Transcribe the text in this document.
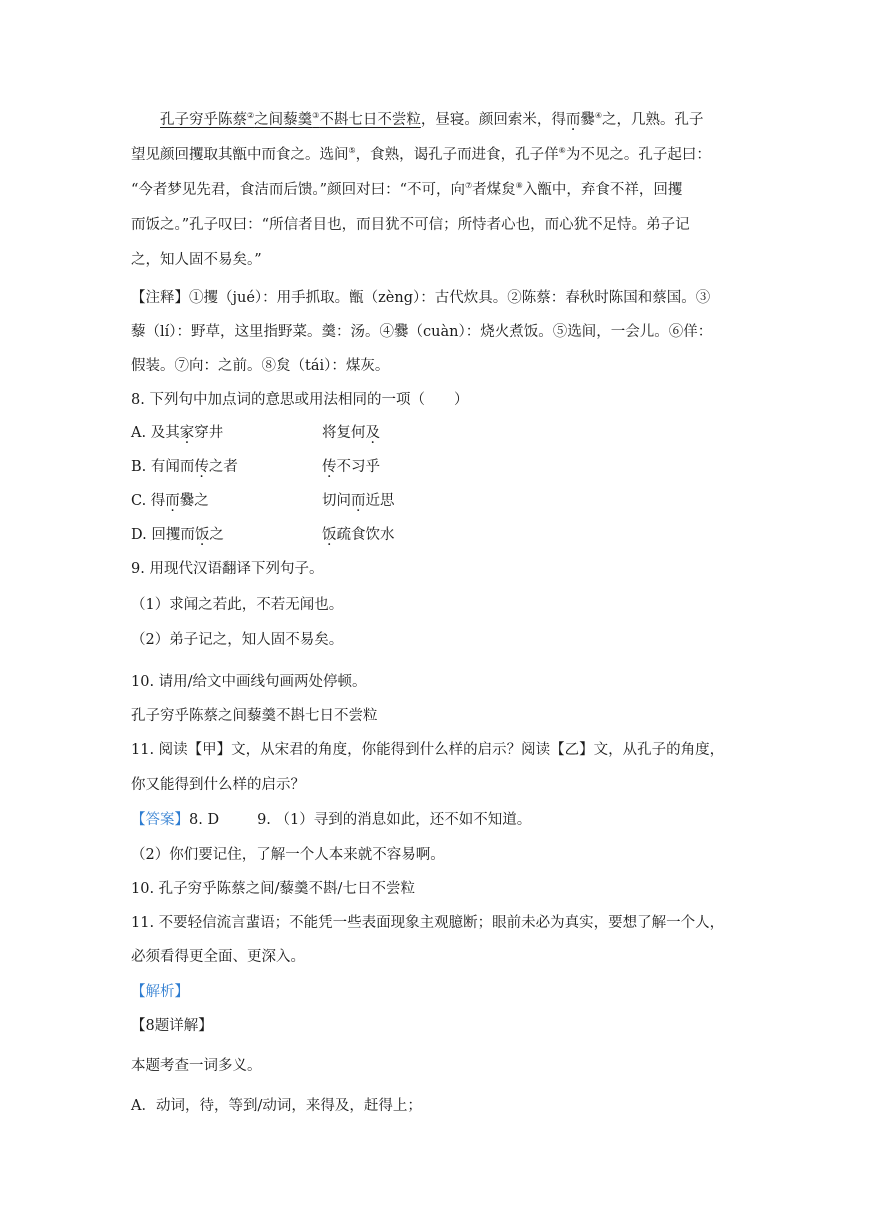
孔子穷乎陈蔡②之间藜羹③不斟七日不尝粒，昼寝。颜回索米，得而爨④之，几熟。孔子
望见颜回攫取其甑中而食之。选间⑤，食熟，谒孔子而进食，孔子佯⑥为不见之。孔子起曰：
“今者梦见先君，食洁而后馈。”颜回对曰：“不可，向⑦者煤炱⑧入甑中，弃食不祥，回攫
而饭之。”孔子叹曰：“所信者目也，而目犹不可信；所恃者心也，而心犹不足恃。弟子记
之，知人固不易矣。”
【注释】①攫（jué）：用手抓取。甑（zèng）：古代炊具。②陈蔡：春秋时陈国和蔡国。③
藜（lí）：野草，这里指野菜。羹：汤。④爨（cuàn）：烧火煮饭。⑤选间，一会儿。⑥佯：
假装。⑦向：之前。⑧炱（tái）：煤灰。
8. 下列句中加点词的意思或用法相同的一项（　　）
A. 及其家穿井 ·	将复何及
B. 有闻而传之者	传不习乎
C. 得而爨之	切问而近思
D. 回攫而饭之	饭疏食饮水
9. 用现代汉语翻译下列句子。
（1）求闻之若此，不若无闻也。
（2）弟子记之，知人固不易矣。
10. 请用/给文中画线句画两处停顿。
孔子穷乎陈蔡之间藜羹不斟七日不尝粒
11. 阅读【甲】文，从宋君的角度，你能得到什么样的启示？阅读【乙】文，从孔子的角度，
你又能得到什么样的启示？
【答案】8. D	9. （1）寻到的消息如此，还不如不知道。
（2）你们要记住，了解一个人本来就不容易啊。
10. 孔子穷乎陈蔡之间/藜羹不斟/七日不尝粒
11. 不要轻信流言蜚语；不能凭一些表面现象主观臆断；眼前未必为真实，要想了解一个人，
必须看得更全面、更深入。
【解析】
【8题详解】
本题考查一词多义。
A．动词，待，等到/动词，来得及，赶得上；
